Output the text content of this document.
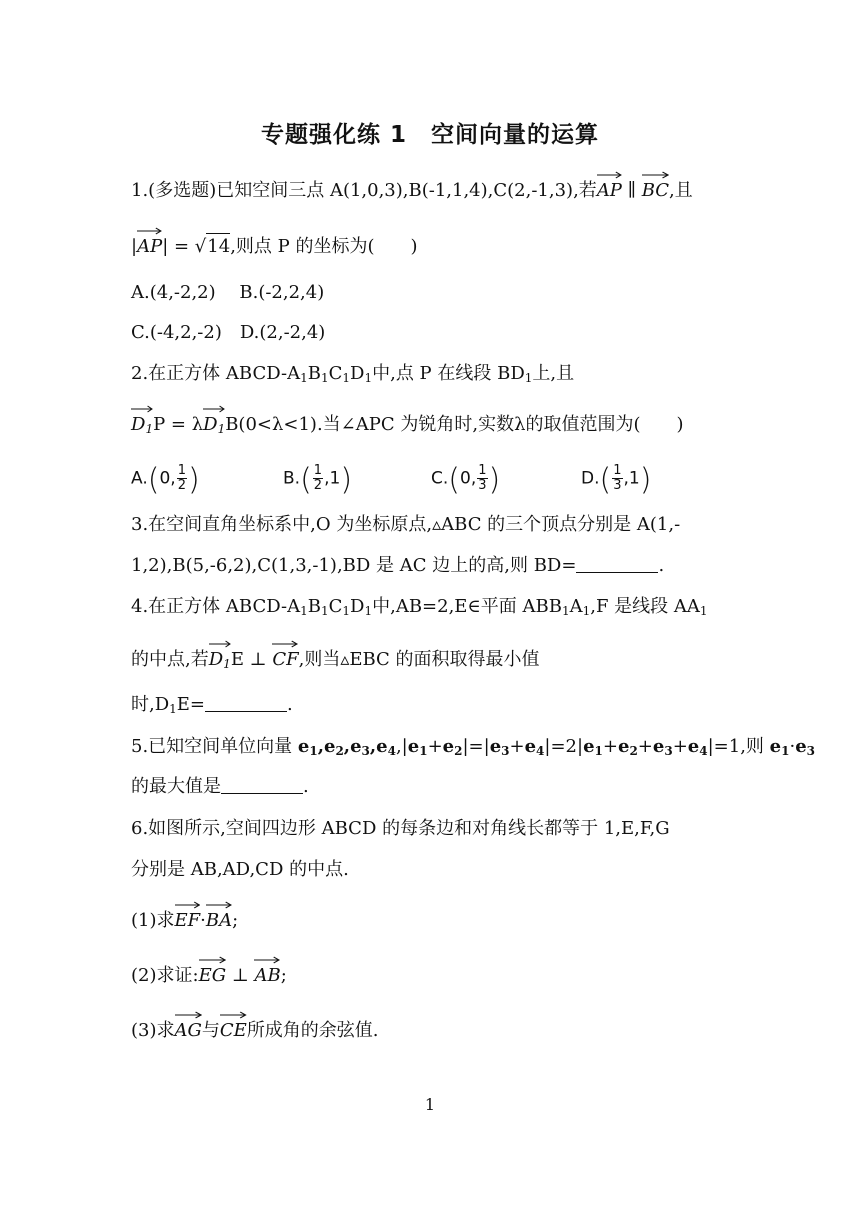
专题强化练 1　空间向量的运算
1.(多选题)已知空间三点 A(1,0,3),B(-1,1,4),C(2,-1,3),若
AP ∥
BC,且
|
AP| = √14,则点 P 的坐标为( )
A.(4,-2,2)　 B.(-2,2,4)
C.(-4,2,-2)　D.(2,-2,4)
2.在正方体 ABCD-$A_1B_1C_1D_1$中,点 P 在线段 $BD_1$上,且
$D_1P = \lambda$
$D_1B(0<\lambda<1)$.当∠APC 为锐角时,实数λ的取值范围为( )
A.(0, $\frac{1}{2}$ )	$B.( \frac{1}{2} ,1)$	C.(0, $\frac{1}{3}$ )	$D.( \frac{1}{3} ,1)$
3.在空间直角坐标系中,O 为坐标原点,▵ABC 的三个顶点分别是 A(1,-
1,2),B(5,-6,2),C(1,3,-1),BD 是 AC 边上的高,则 BD=	.
4.在正方体 ABCD-$A_1B_1C_1D_1$中,AB=2,E∈平面 $ABB_1A_1,F$ 是线段 $AA_1$
的中点,若
$D_1E$ ⊥
CF,则当▵EBC 的面积取得最小值
时$,D_1E=$	.
5.已知空间单位向量 $e_1,e_2,e_3,e_4,|e_1+e_2|=|e_3+e_4|=2|e_1+e_2+e_3+e_4|=1$,则 $e_1\cdot e_3$
的最大值是	.
6.如图所示,空间四边形 ABCD 的每条边和对角线长都等于 1,E,F,G
分别是 AB,AD,CD 的中点.
(1)求
EF·
BA;
(2)求证:
EG ⊥
AB;
(3)求
AG与
CE所成角的余弦值.
1
